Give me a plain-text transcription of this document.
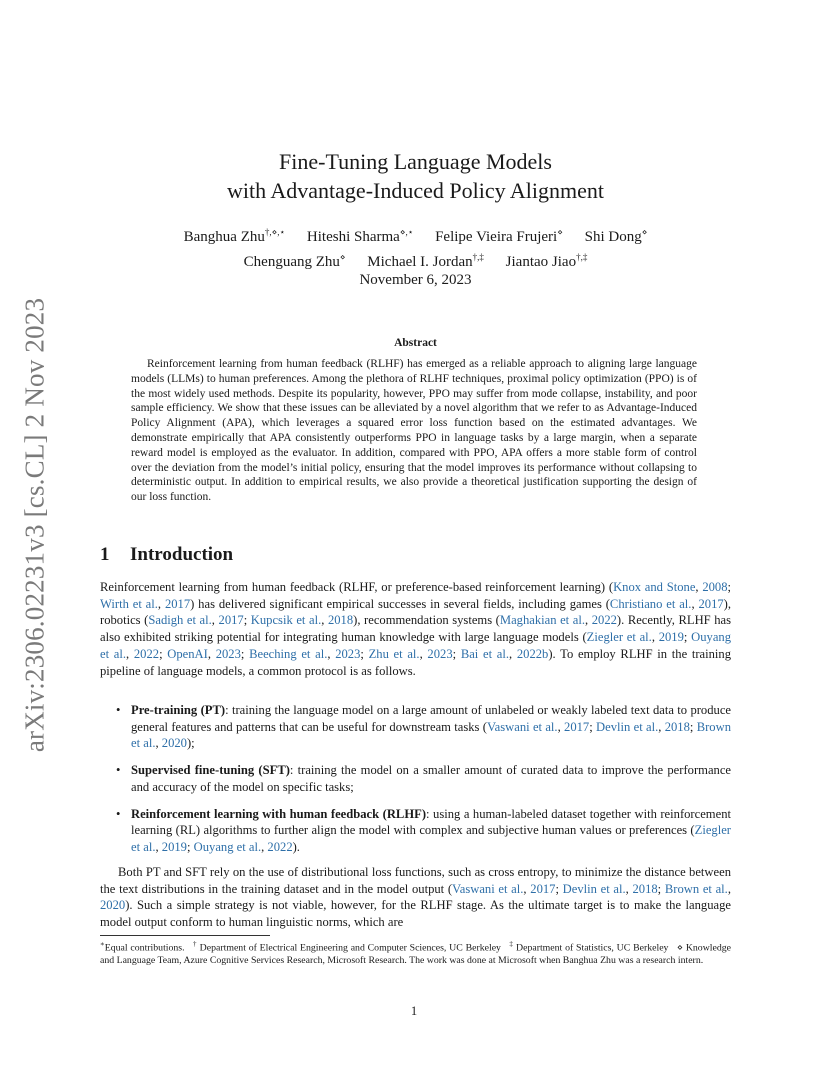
arXiv:2306.02231v3 [cs.CL] 2 Nov 2023
Fine-Tuning Language Models
with Advantage-Induced Policy Alignment
Banghua Zhu†,⋄,⋆ Hiteshi Sharma⋄,⋆ Felipe Vieira Frujeri⋄ Shi Dong⋄
Chenguang Zhu⋄ Michael I. Jordan†,‡ Jiantao Jiao†,‡
November 6, 2023
Abstract
Reinforcement learning from human feedback (RLHF) has emerged as a reliable approach to aligning large language models (LLMs) to human preferences. Among the plethora of RLHF techniques, proximal policy optimization (PPO) is of the most widely used methods. Despite its popularity, however, PPO may suffer from mode collapse, instability, and poor sample efficiency. We show that these issues can be alleviated by a novel algorithm that we refer to as Advantage-Induced Policy Alignment (APA), which leverages a squared error loss function based on the estimated advantages. We demonstrate empirically that APA consistently outperforms PPO in language tasks by a large margin, when a separate reward model is employed as the evaluator. In addition, compared with PPO, APA offers a more stable form of control over the deviation from the model’s initial policy, ensuring that the model improves its performance without collapsing to deterministic output. In addition to empirical results, we also provide a theoretical justification supporting the design of our loss function.
1 Introduction
Reinforcement learning from human feedback (RLHF, or preference-based reinforcement learning) (Knox and Stone, 2008; Wirth et al., 2017) has delivered significant empirical successes in several fields, including games (Christiano et al., 2017), robotics (Sadigh et al., 2017; Kupcsik et al., 2018), recommendation systems (Maghakian et al., 2022). Recently, RLHF has also exhibited striking potential for integrating human knowledge with large language models (Ziegler et al., 2019; Ouyang et al., 2022; OpenAI, 2023; Beeching et al., 2023; Zhu et al., 2023; Bai et al., 2022b). To employ RLHF in the training pipeline of language models, a common protocol is as follows.
• Pre-training (PT): training the language model on a large amount of unlabeled or weakly labeled text data to produce general features and patterns that can be useful for downstream tasks (Vaswani et al., 2017; Devlin et al., 2018; Brown et al., 2020);
• Supervised fine-tuning (SFT): training the model on a smaller amount of curated data to improve the performance and accuracy of the model on specific tasks;
• Reinforcement learning with human feedback (RLHF): using a human-labeled dataset together with reinforcement learning (RL) algorithms to further align the model with complex and subjective human values or preferences (Ziegler et al., 2019; Ouyang et al., 2022).
Both PT and SFT rely on the use of distributional loss functions, such as cross entropy, to minimize the distance between the text distributions in the training dataset and in the model output (Vaswani et al., 2017; Devlin et al., 2018; Brown et al., 2020). Such a simple strategy is not viable, however, for the RLHF stage. As the ultimate target is to make the language model output conform to human linguistic norms, which are
∗Equal contributions. † Department of Electrical Engineering and Computer Sciences, UC Berkeley ‡ Department of Statistics, UC Berkeley ⋄ Knowledge and Language Team, Azure Cognitive Services Research, Microsoft Research. The work was done at Microsoft when Banghua Zhu was a research intern.
1
